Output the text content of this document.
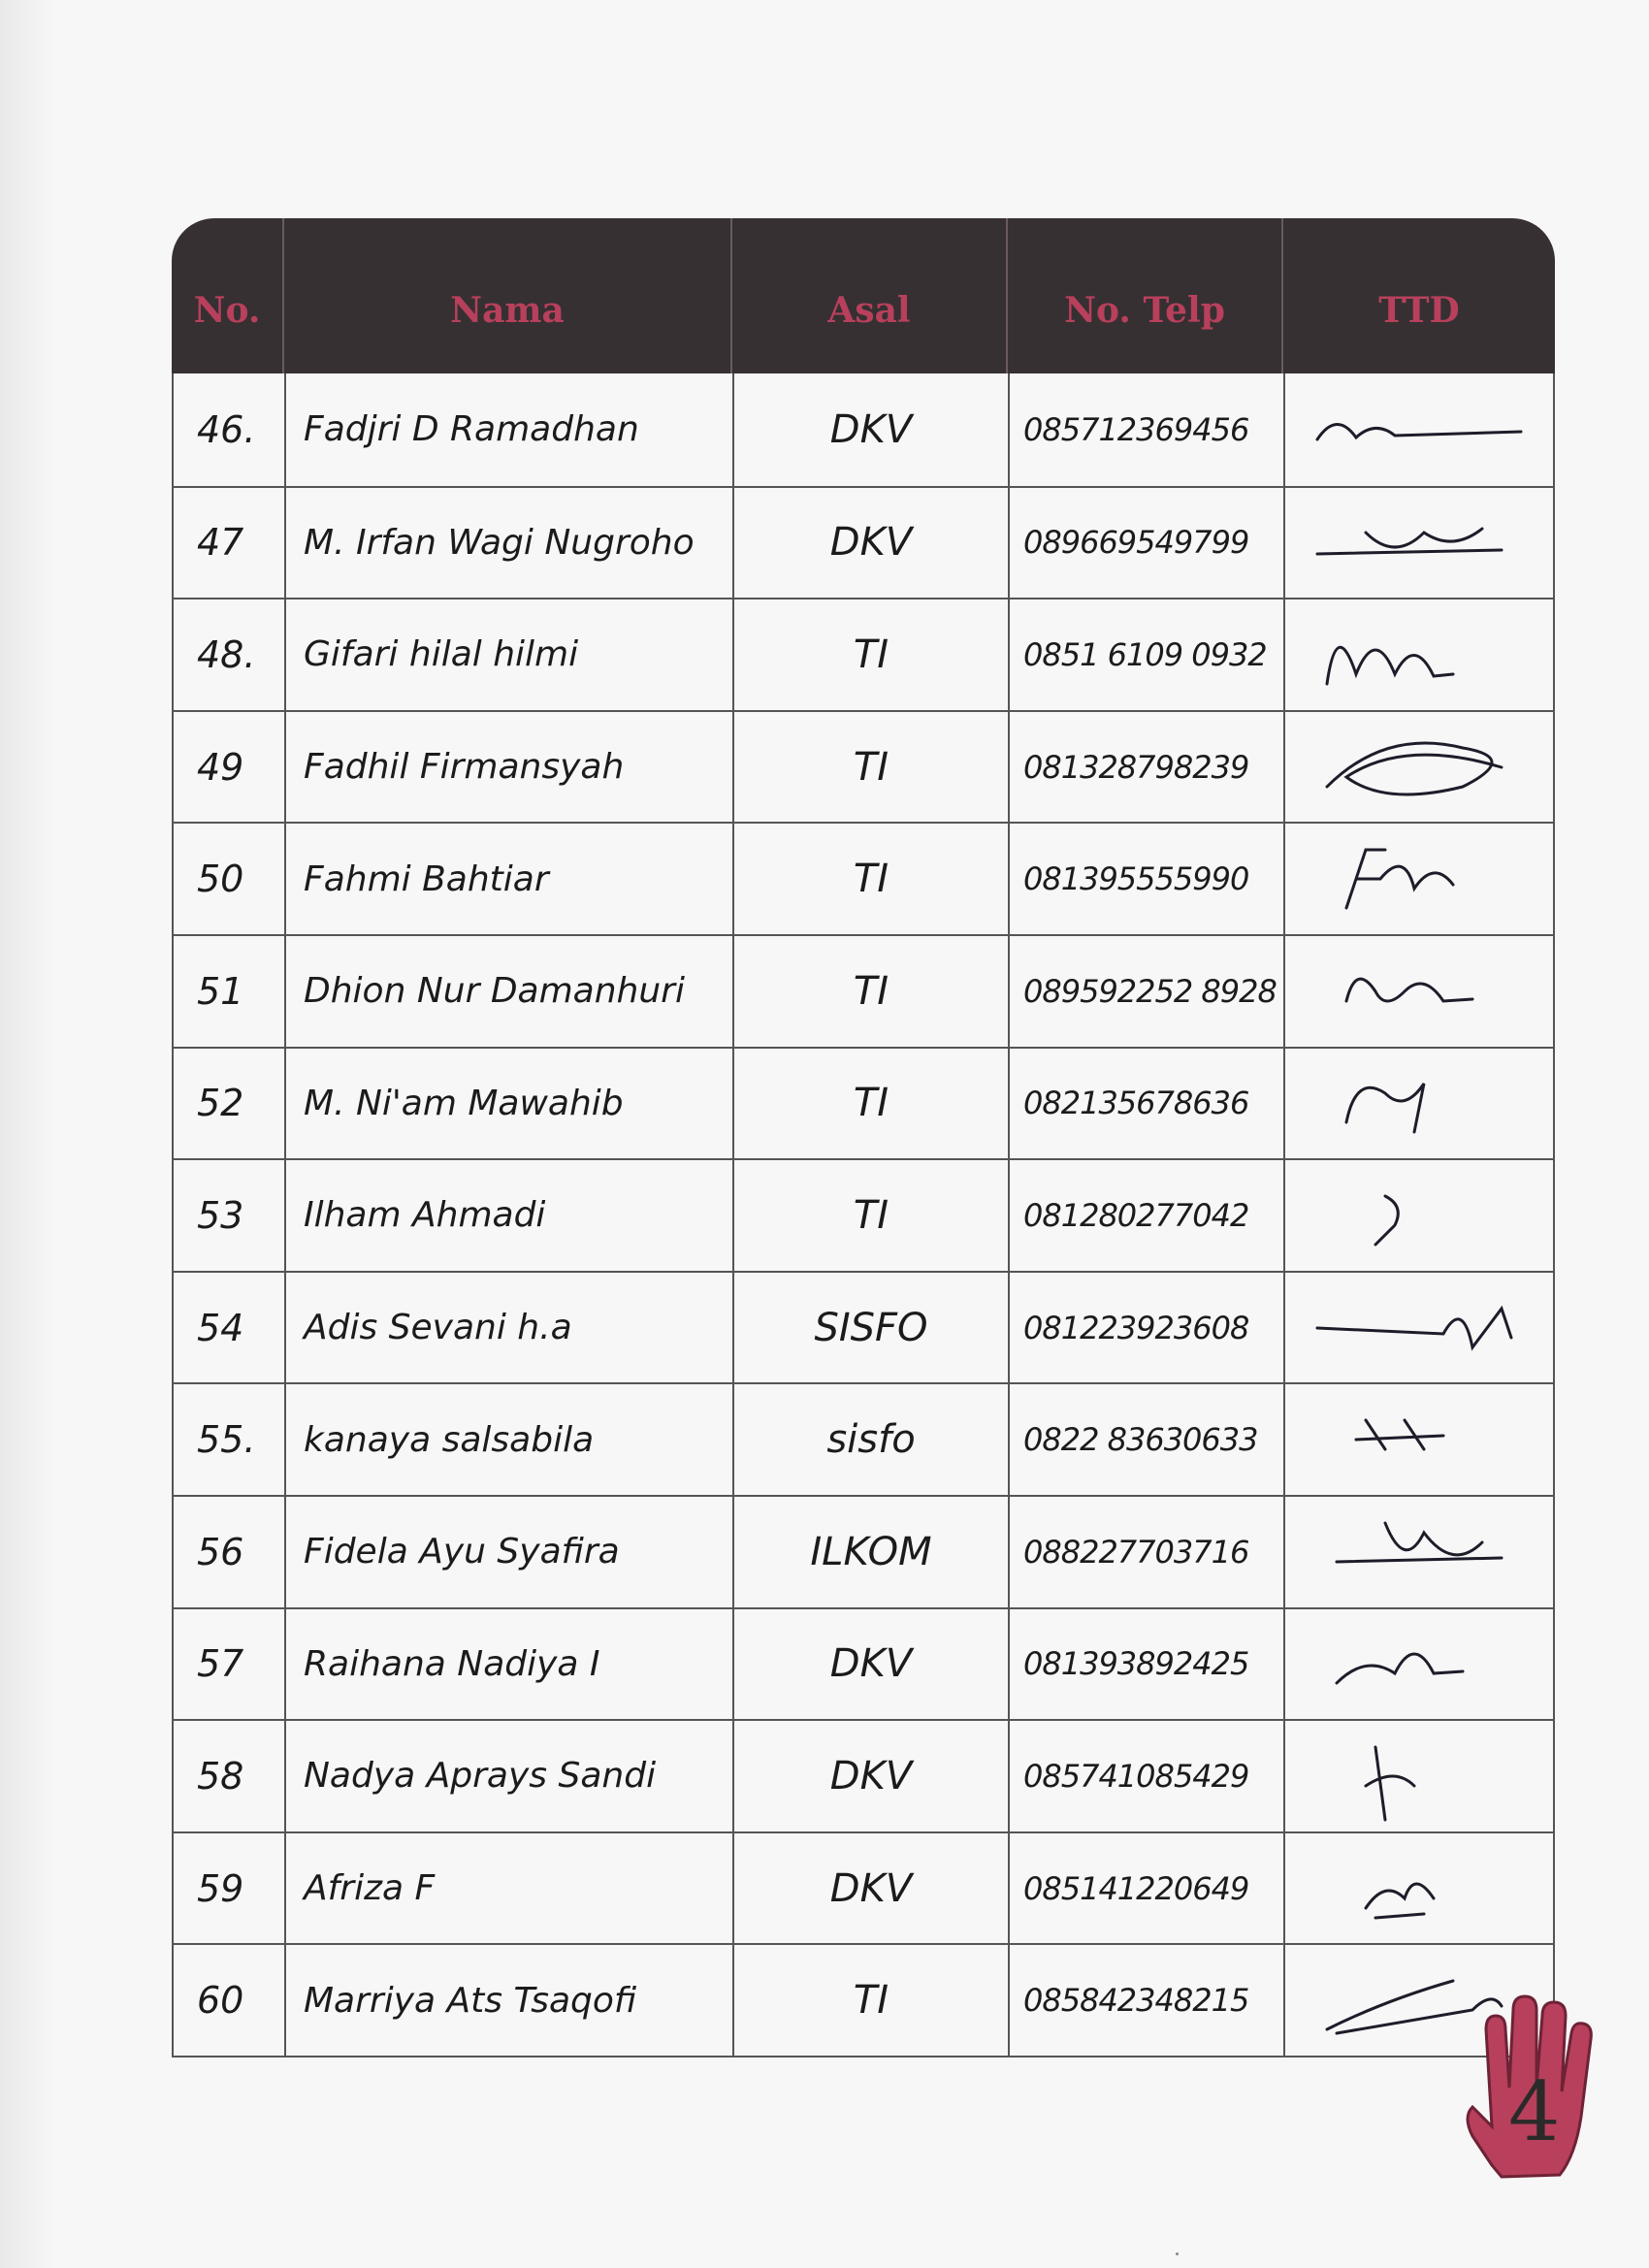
No.	Nama	Asal	No. Telp	TTD
46.	Fadjri D Ramadhan	DKV	085712369456
47	M. Irfan Wagi Nugroho	DKV	089669549799
48.	Gifari hilal hilmi	TI	0851 6109 0932
49	Fadhil Firmansyah	TI	081328798239
50	Fahmi Bahtiar	TI	081395555990
51	Dhion Nur Damanhuri	TI	089592252 8928
52	M. Ni'am Mawahib	TI	082135678636
53	Ilham Ahmadi	TI	081280277042
54	Adis Sevani h.a	SISFO	081223923608
55.	kanaya salsabila	sisfo	0822 83630633
56	Fidela Ayu Syafira	ILKOM	088227703716
57	Raihana Nadiya I	DKV	081393892425
58	Nadya Aprays Sandi	DKV	085741085429
59	Afriza F	DKV	085141220649
60	Marriya Ats Tsaqofi	TI	085842348215
4
